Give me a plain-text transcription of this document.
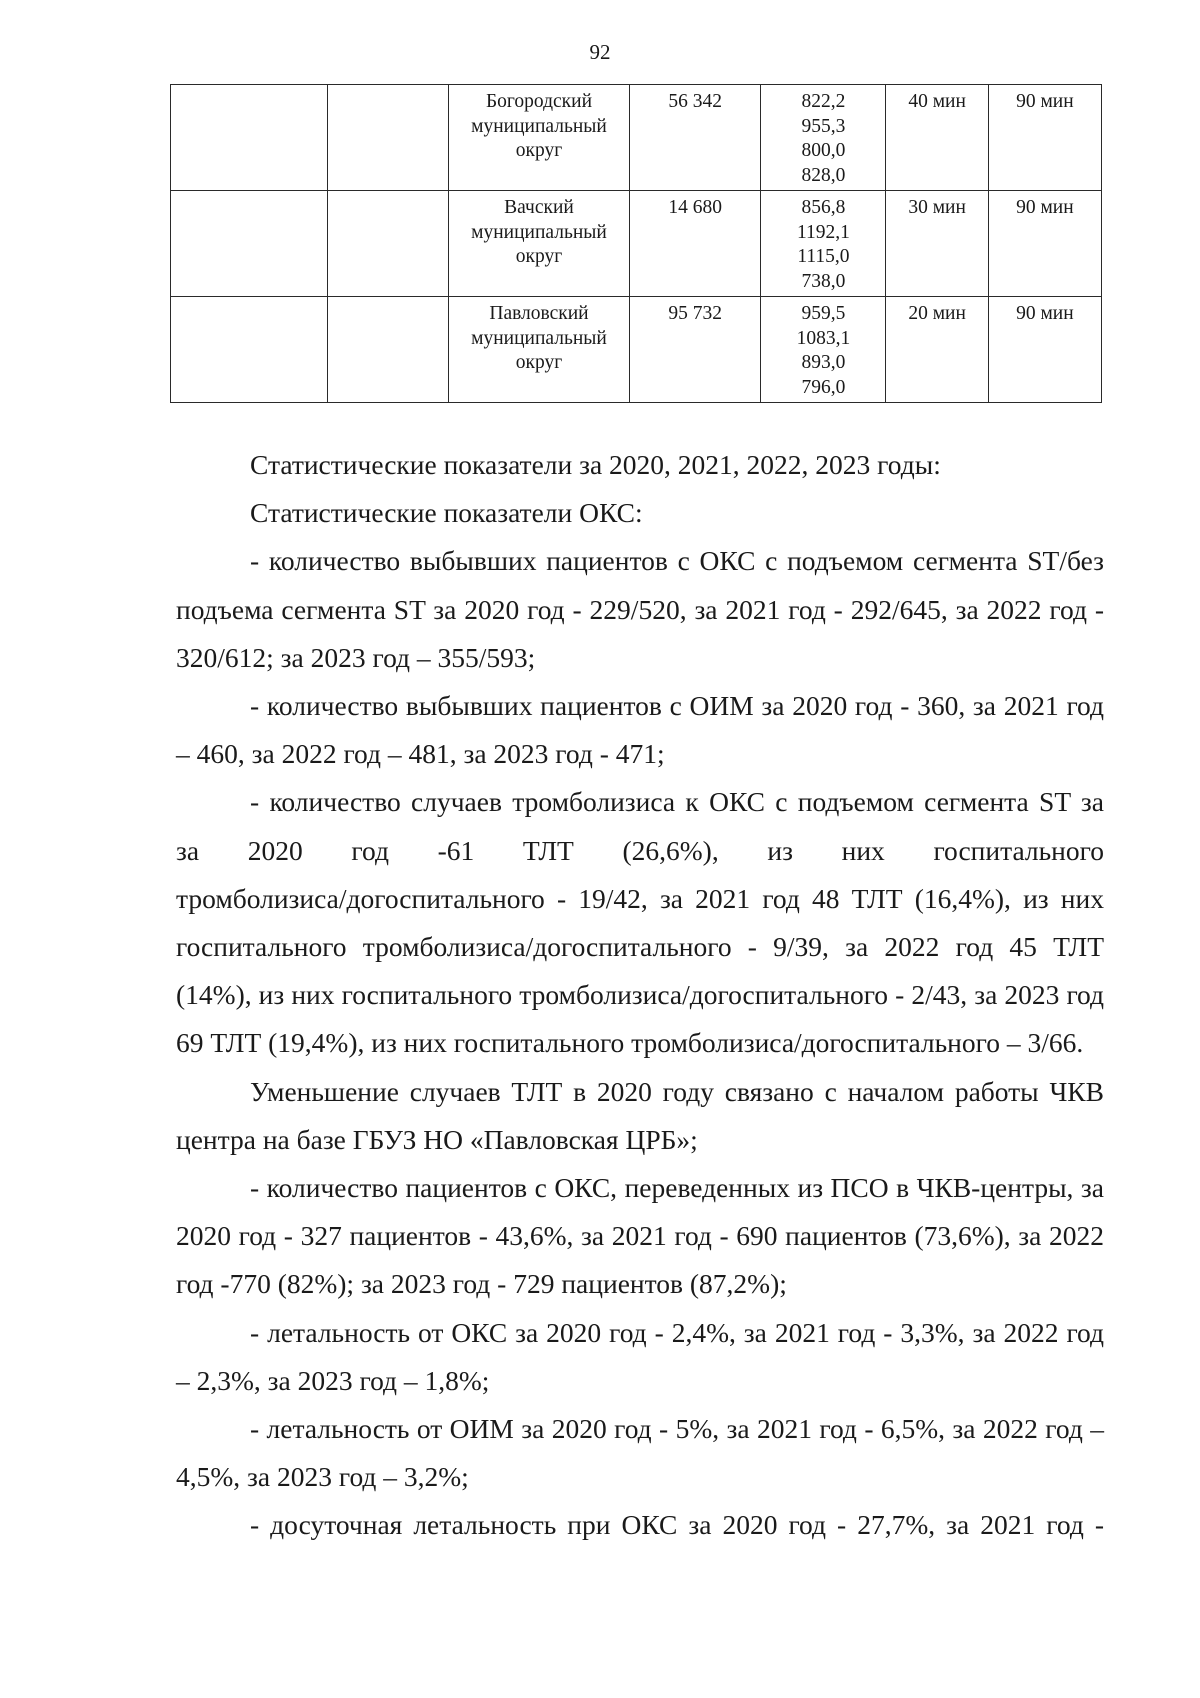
92

		Богородский
муниципальный
округ	56 342	822,2
955,3
800,0
828,0	40 мин	90 мин

		Вачский
муниципальный
округ	14 680	856,8
1192,1
1115,0
738,0	30 мин	90 мин

		Павловский
муниципальный
округ	95 732	959,5
1083,1
893,0
796,0	20 мин	90 мин

Статистические показатели за 2020, 2021, 2022, 2023 годы:

Статистические показатели ОКС:

- количество выбывших пациентов с ОКС с подъемом сегмента ST/без подъема сегмента ST за 2020 год - 229/520, за 2021 год - 292/645, за 2022 год - 320/612; за 2023 год – 355/593;

- количество выбывших пациентов с ОИМ за 2020 год - 360, за 2021 год – 460, за 2022 год – 481, за 2023 год - 471;

- количество случаев тромболизиса к ОКС с подъемом сегмента ST за

за 2020 год -61 ТЛТ (26,6%), из них госпитального

тромболизиса/догоспитального - 19/42, за 2021 год 48 ТЛТ (16,4%), из них госпитального тромболизиса/догоспитального - 9/39, за 2022 год 45 ТЛТ (14%), из них госпитального тромболизиса/догоспитального - 2/43, за 2023 год 69 ТЛТ (19,4%), из них госпитального тромболизиса/догоспитального – 3/66.

Уменьшение случаев ТЛТ в 2020 году связано с началом работы ЧКВ центра на базе ГБУЗ НО «Павловская ЦРБ»;

- количество пациентов с ОКС, переведенных из ПСО в ЧКВ-центры, за 2020 год - 327 пациентов - 43,6%, за 2021 год - 690 пациентов (73,6%), за 2022 год -770 (82%); за 2023 год - 729 пациентов (87,2%);

- летальность от ОКС за 2020 год - 2,4%, за 2021 год - 3,3%, за 2022 год – 2,3%, за 2023 год – 1,8%;

- летальность от ОИМ за 2020 год - 5%, за 2021 год - 6,5%, за 2022 год – 4,5%, за 2023 год – 3,2%;

- досуточная летальность при ОКС за 2020 год - 27,7%, за 2021 год -
